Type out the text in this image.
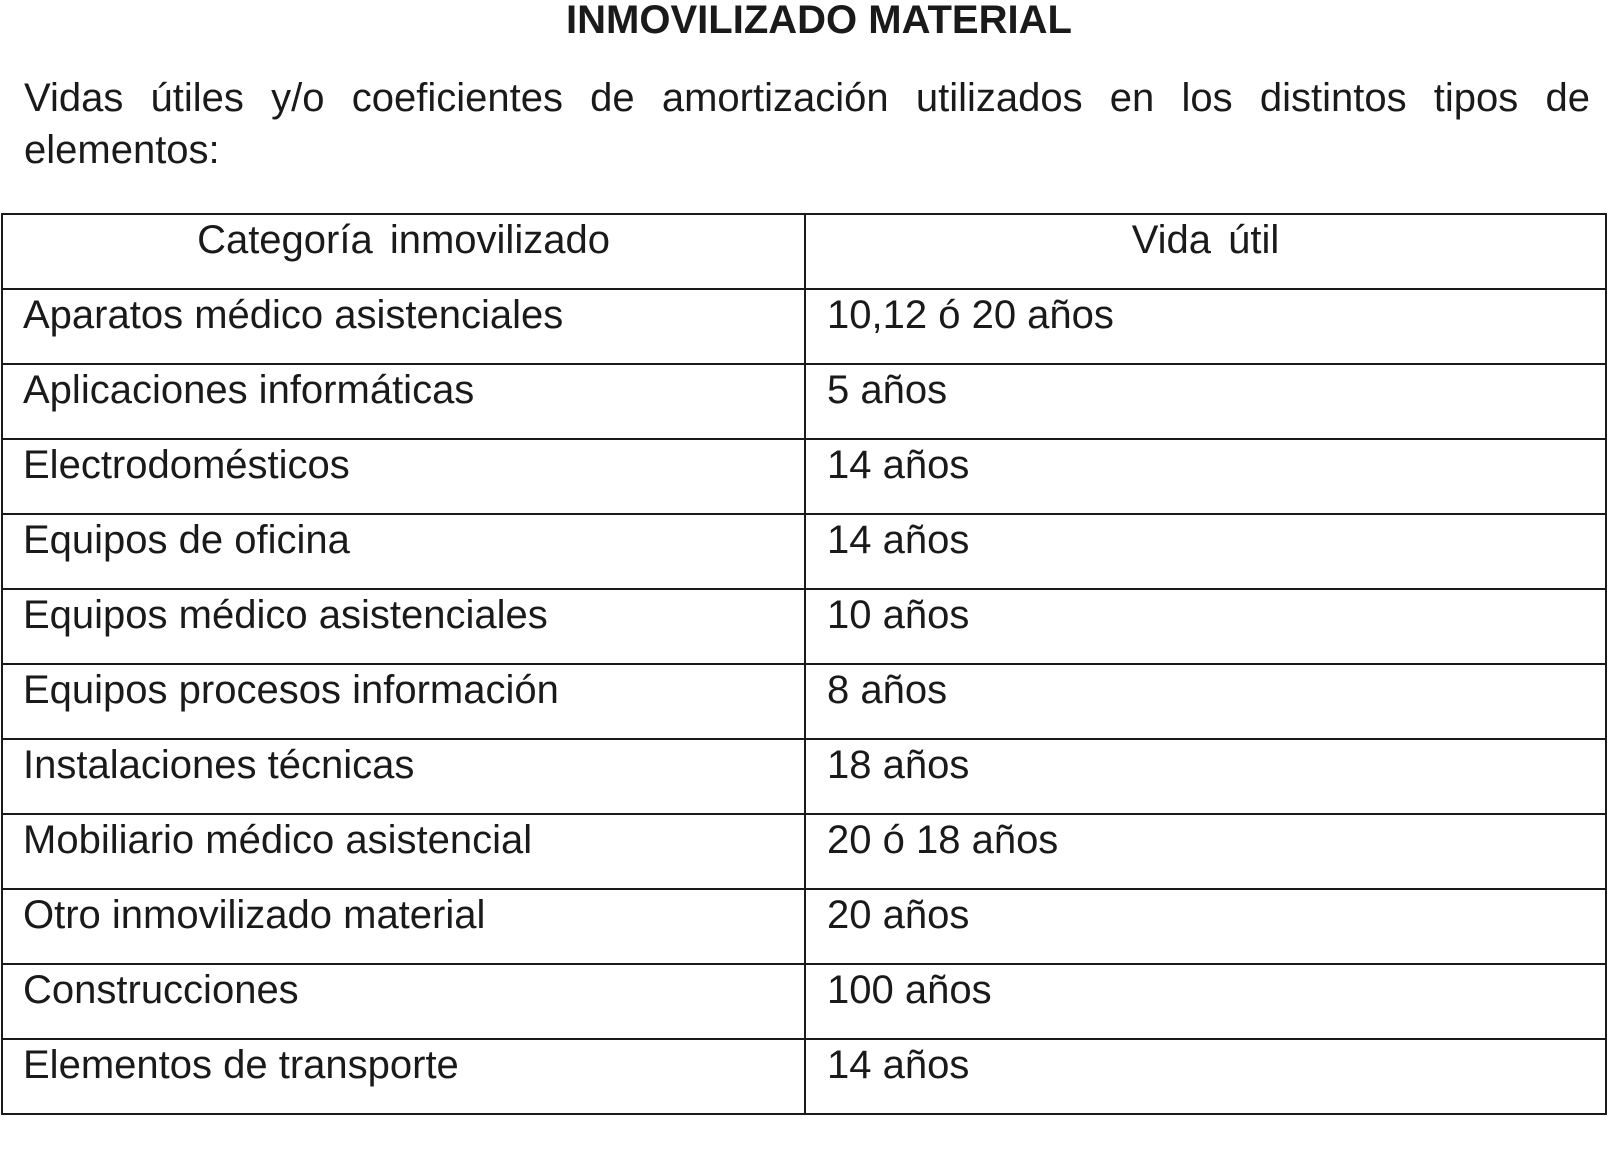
INMOVILIZADO MATERIAL

Vidas útiles y/o coeficientes de amortización utilizados en los distintos tipos de elementos:

Categoría inmovilizado	Vida útil
Aparatos médico asistenciales	10,12 ó 20 años
Aplicaciones informáticas	5 años
Electrodomésticos	14 años
Equipos de oficina	14 años
Equipos médico asistenciales	10 años
Equipos procesos información	8 años
Instalaciones técnicas	18 años
Mobiliario médico asistencial	20 ó 18 años
Otro inmovilizado material	20 años
Construcciones	100 años
Elementos de transporte	14 años
